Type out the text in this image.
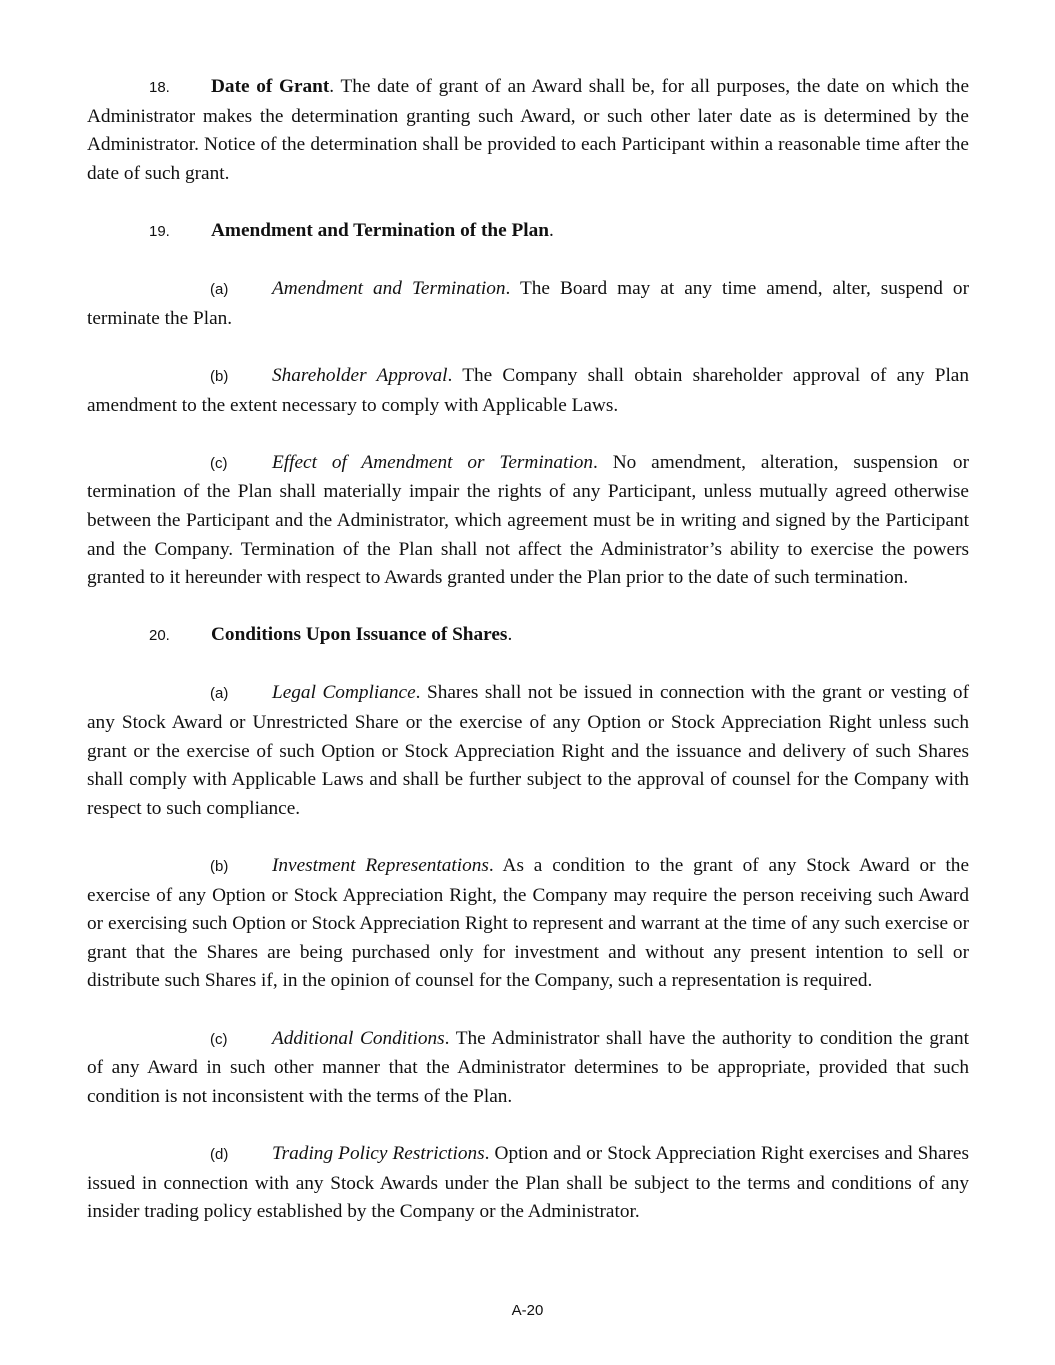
18. Date of Grant. The date of grant of an Award shall be, for all purposes, the date on which the Administrator makes the determination granting such Award, or such other later date as is determined by the Administrator. Notice of the determination shall be provided to each Participant within a reasonable time after the date of such grant.

19. Amendment and Termination of the Plan.

(a) Amendment and Termination. The Board may at any time amend, alter, suspend or terminate the Plan.

(b) Shareholder Approval. The Company shall obtain shareholder approval of any Plan amendment to the extent necessary to comply with Applicable Laws.

(c) Effect of Amendment or Termination. No amendment, alteration, suspension or termination of the Plan shall materially impair the rights of any Participant, unless mutually agreed otherwise between the Participant and the Administrator, which agreement must be in writing and signed by the Participant and the Company. Termination of the Plan shall not affect the Administrator’s ability to exercise the powers granted to it hereunder with respect to Awards granted under the Plan prior to the date of such termination.

20. Conditions Upon Issuance of Shares.

(a) Legal Compliance. Shares shall not be issued in connection with the grant or vesting of any Stock Award or Unrestricted Share or the exercise of any Option or Stock Appreciation Right unless such grant or the exercise of such Option or Stock Appreciation Right and the issuance and delivery of such Shares shall comply with Applicable Laws and shall be further subject to the approval of counsel for the Company with respect to such compliance.

(b) Investment Representations. As a condition to the grant of any Stock Award or the exercise of any Option or Stock Appreciation Right, the Company may require the person receiving such Award or exercising such Option or Stock Appreciation Right to represent and warrant at the time of any such exercise or grant that the Shares are being purchased only for investment and without any present intention to sell or distribute such Shares if, in the opinion of counsel for the Company, such a representation is required.

(c) Additional Conditions. The Administrator shall have the authority to condition the grant of any Award in such other manner that the Administrator determines to be appropriate, provided that such condition is not inconsistent with the terms of the Plan.

(d) Trading Policy Restrictions. Option and or Stock Appreciation Right exercises and Shares issued in connection with any Stock Awards under the Plan shall be subject to the terms and conditions of any insider trading policy established by the Company or the Administrator.

A-20
